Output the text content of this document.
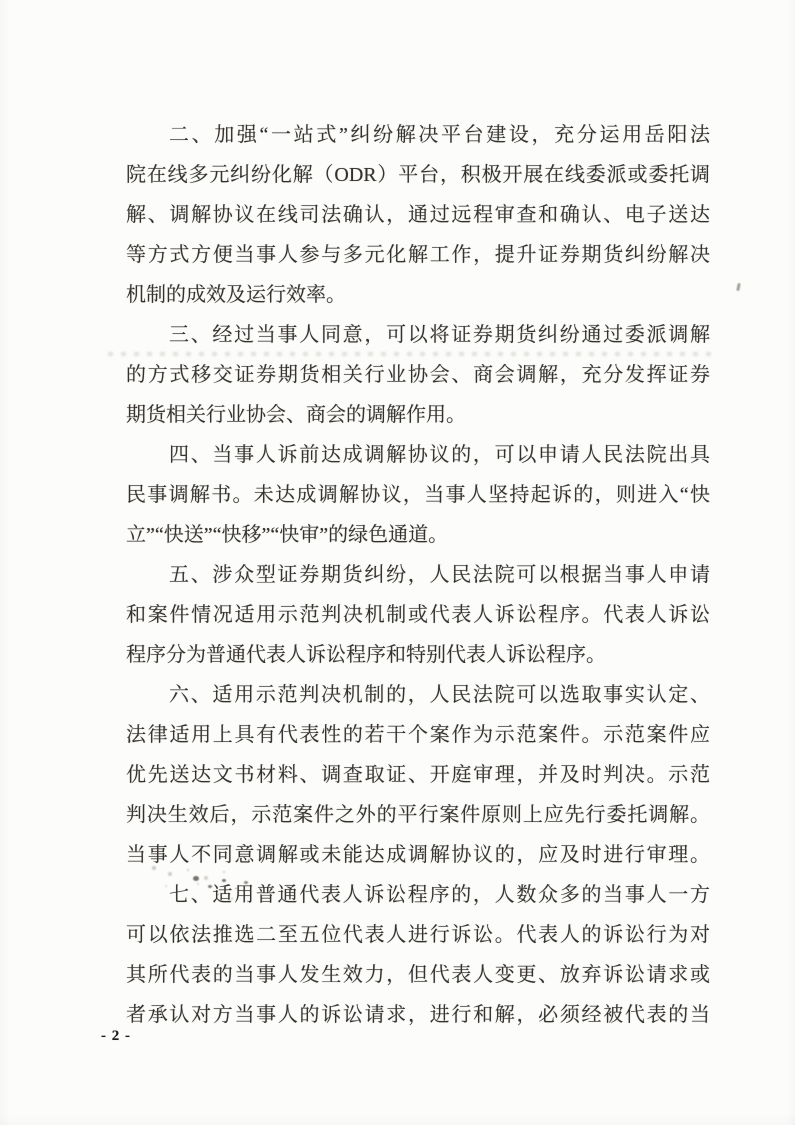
二、加强“一站式”纠纷解决平台建设，充分运用岳阳法
院在线多元纠纷化解（ODR）平台，积极开展在线委派或委托调
解、调解协议在线司法确认，通过远程审查和确认、电子送达
等方式方便当事人参与多元化解工作，提升证券期货纠纷解决
机制的成效及运行效率。
三、经过当事人同意，可以将证券期货纠纷通过委派调解
的方式移交证券期货相关行业协会、商会调解，充分发挥证券
期货相关行业协会、商会的调解作用。
四、当事人诉前达成调解协议的，可以申请人民法院出具
民事调解书。未达成调解协议，当事人坚持起诉的，则进入“快
立”“快送”“快移”“快审”的绿色通道。
五、涉众型证券期货纠纷，人民法院可以根据当事人申请
和案件情况适用示范判决机制或代表人诉讼程序。代表人诉讼
程序分为普通代表人诉讼程序和特别代表人诉讼程序。
六、适用示范判决机制的，人民法院可以选取事实认定、
法律适用上具有代表性的若干个案作为示范案件。示范案件应
优先送达文书材料、调查取证、开庭审理，并及时判决。示范
判决生效后，示范案件之外的平行案件原则上应先行委托调解。
当事人不同意调解或未能达成调解协议的，应及时进行审理。
七、适用普通代表人诉讼程序的，人数众多的当事人一方
可以依法推选二至五位代表人进行诉讼。代表人的诉讼行为对
其所代表的当事人发生效力，但代表人变更、放弃诉讼请求或
者承认对方当事人的诉讼请求，进行和解，必须经被代表的当
- 2 -
